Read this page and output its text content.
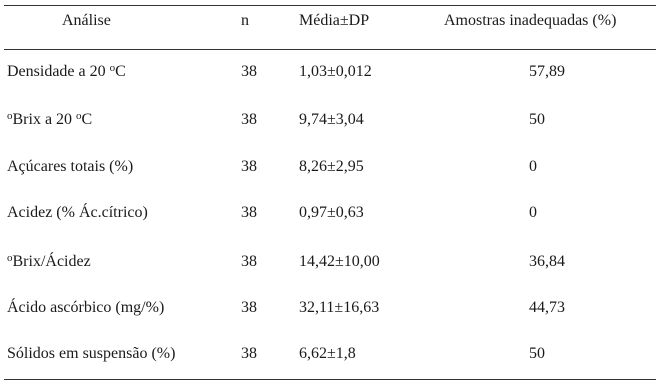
Análise	n	Média±DP	Amostras inadequadas (%)
Densidade a 20 $^o$C	38	1,03±0,012	57,89
$^o$Brix a 20 $^o$C	38	9,74±3,04	50
Açúcares totais (%)	38	8,26±2,95	0
Acidez (% Ác.cítrico)	38	0,97±0,63	0
$^o$Brix/Ácidez	38	14,42±10,00	36,84
Ácido ascórbico (mg/%)	38	32,11±16,63	44,73
Sólidos em suspensão (%)	38	6,62±1,8	50
